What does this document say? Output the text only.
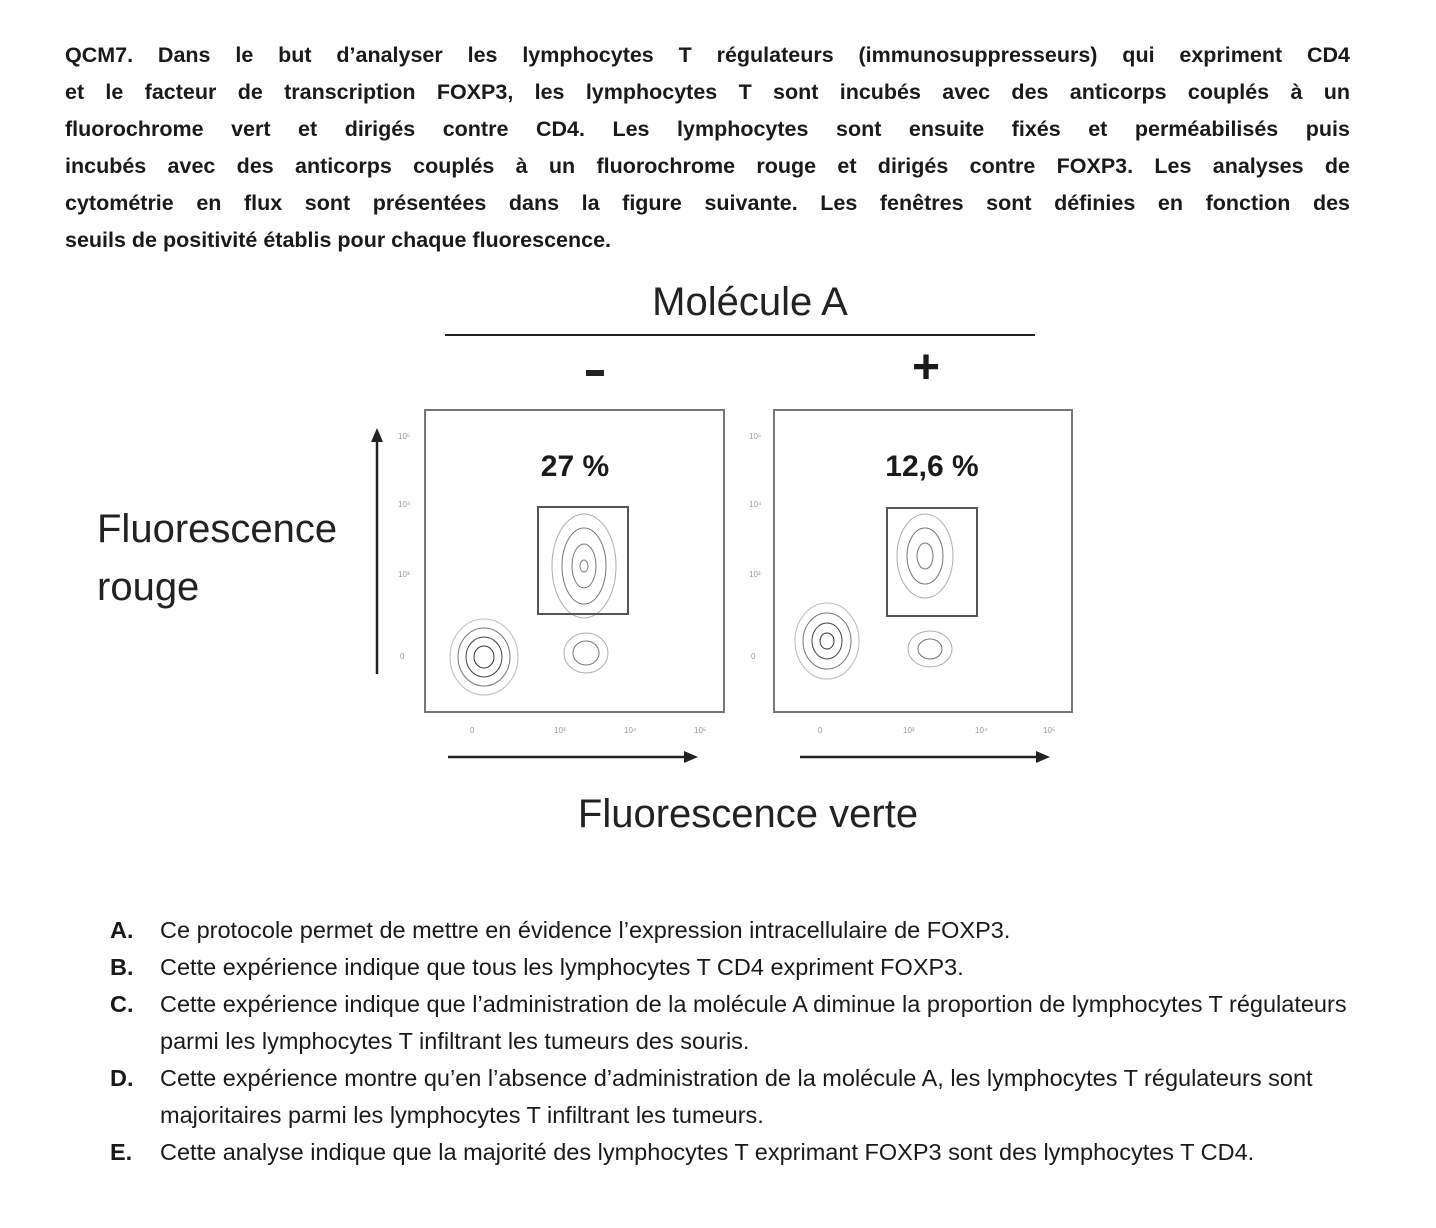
QCM7. Dans le but d’analyser les lymphocytes T régulateurs (immunosuppresseurs) qui expriment CD4
et le facteur de transcription FOXP3, les lymphocytes T sont incubés avec des anticorps couplés à un
fluorochrome vert et dirigés contre CD4. Les lymphocytes sont ensuite fixés et perméabilisés puis
incubés avec des anticorps couplés à un fluorochrome rouge et dirigés contre FOXP3. Les analyses de
cytométrie en flux sont présentées dans la figure suivante. Les fenêtres sont définies en fonction des
seuils de positivité établis pour chaque fluorescence.
Molécule A
+
Fluorescence
rouge
27 %	12,6 %
10⁵
10⁴
10³
0
10⁵
10⁴
10³
0
0	10³	10⁴	10⁵	0	10³	10⁴	10⁵
Fluorescence verte
A.	Ce protocole permet de mettre en évidence l’expression intracellulaire de FOXP3.
B.	Cette expérience indique que tous les lymphocytes T CD4 expriment FOXP3.
C.	Cette expérience indique que l’administration de la molécule A diminue la proportion de lymphocytes T régulateurs parmi les lymphocytes T infiltrant les tumeurs des souris.
D.	Cette expérience montre qu’en l’absence d’administration de la molécule A, les lymphocytes T régulateurs sont majoritaires parmi les lymphocytes T infiltrant les tumeurs.
E.	Cette analyse indique que la majorité des lymphocytes T exprimant FOXP3 sont des lymphocytes T CD4.
